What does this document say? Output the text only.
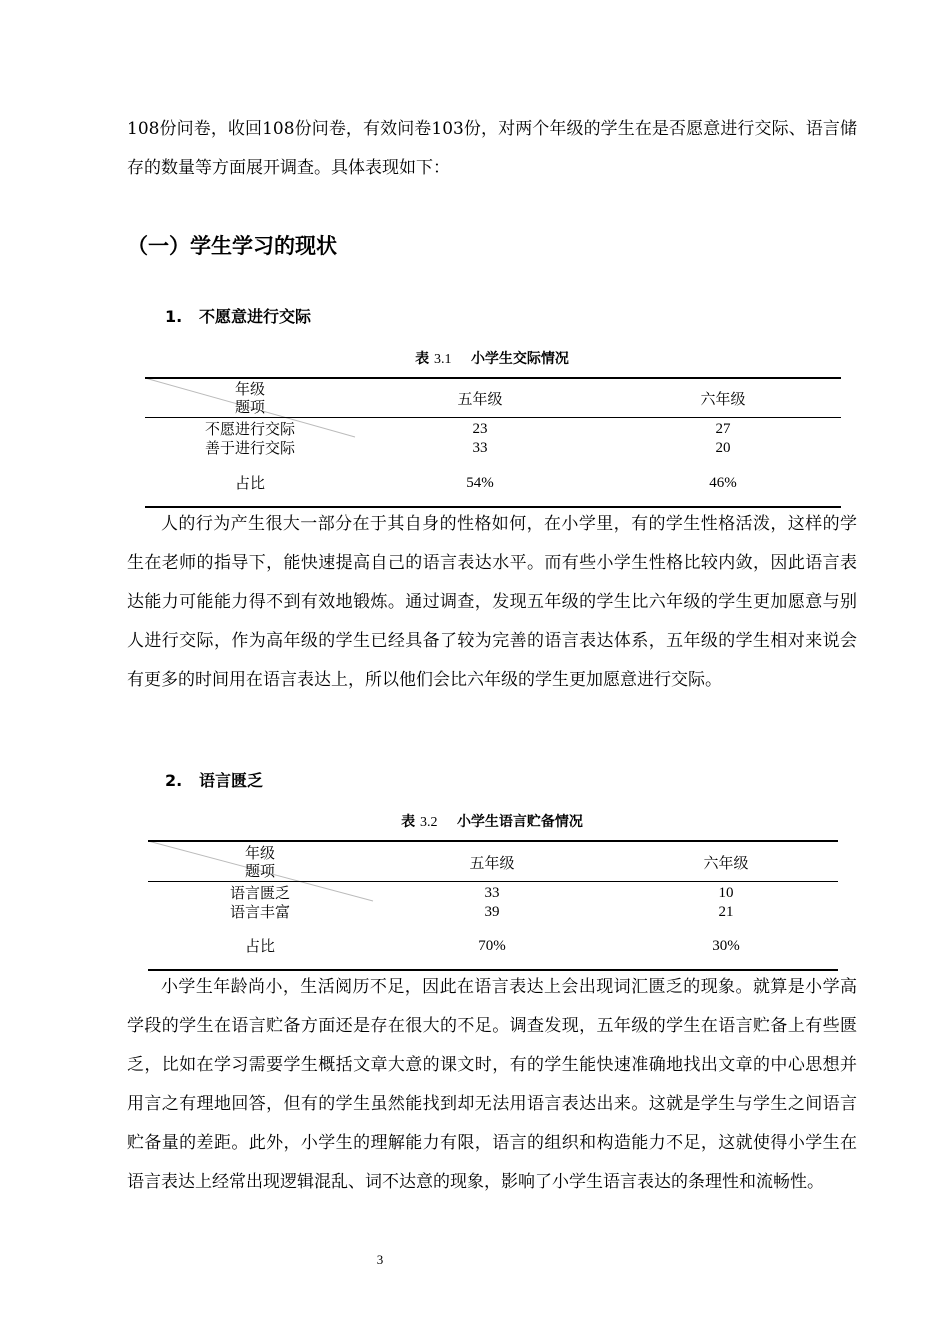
108份问卷，收回108份问卷，有效问卷103份，对两个年级的学生在是否愿意进行交际、语言储存的数量等方面展开调查。具体表现如下：

（一）学生学习的现状
1. 不愿意进行交际
表 3.1 小学生交际情况
年级
题项	五年级	六年级
不愿进行交际	23	27
善于进行交际	33	20
占比	54%	46%

人的行为产生很大一部分在于其自身的性格如何，在小学里，有的学生性格活泼，这样的学生在老师的指导下，能快速提高自己的语言表达水平。而有些小学生性格比较内敛，因此语言表达能力可能能力得不到有效地锻炼。通过调查，发现五年级的学生比六年级的学生更加愿意与别人进行交际，作为高年级的学生已经具备了较为完善的语言表达体系，五年级的学生相对来说会有更多的时间用在语言表达上，所以他们会比六年级的学生更加愿意进行交际。

2. 语言匮乏
表 3.2 小学生语言贮备情况
年级
题项	五年级	六年级
语言匮乏	33	10
语言丰富	39	21
占比	70%	30%

小学生年龄尚小，生活阅历不足，因此在语言表达上会出现词汇匮乏的现象。就算是小学高学段的学生在语言贮备方面还是存在很大的不足。调查发现，五年级的学生在语言贮备上有些匮乏，比如在学习需要学生概括文章大意的课文时，有的学生能快速准确地找出文章的中心思想并用言之有理地回答，但有的学生虽然能找到却无法用语言表达出来。这就是学生与学生之间语言贮备量的差距。此外，小学生的理解能力有限，语言的组织和构造能力不足，这就使得小学生在语言表达上经常出现逻辑混乱、词不达意的现象，影响了小学生语言表达的条理性和流畅性。

3
